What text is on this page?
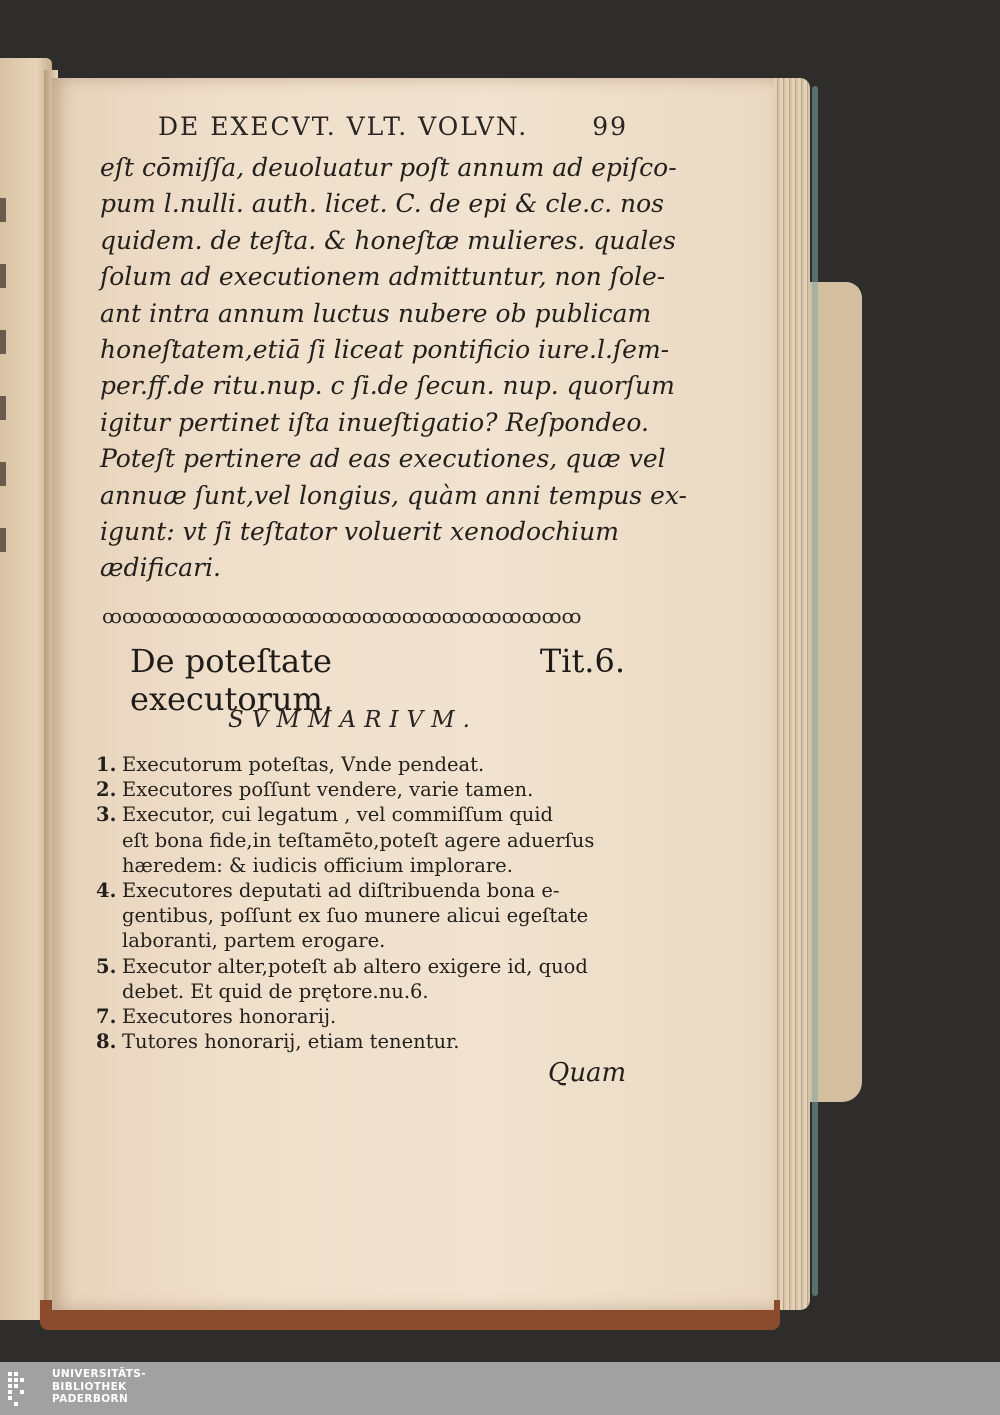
DE EXECVT. VLT. VOLVN.	99
eſt cōmiſſa, deuoluatur poſt annum ad epiſco-
pum l.nulli. auth. licet. C. de epi & cle.c. nos
quidem. de teſta. & honeſtæ mulieres. quales
ſolum ad executionem admittuntur, non ſole-
ant intra annum luctus nubere ob publicam
honeſtatem,etiā ſi liceat pontificio iure.l.ſem-
per.ff.de ritu.nup. c ſi.de ſecun. nup. quorſum
igitur pertinet iſta inueſtigatio? Reſpondeo.
Poteſt pertinere ad eas executiones, quæ vel
annuæ ſunt,vel longius, quàm anni tempus ex-
igunt: vt ſi teſtator voluerit xenodochium
ædificari.
ꝏꝏꝏꝏꝏꝏꝏꝏꝏꝏꝏꝏꝏꝏꝏꝏꝏꝏꝏꝏꝏꝏꝏꝏ
De poteſtate executorum,
Tit.6.
SVMMARIVM.
1. Executorum poteſtas, Vnde pendeat.
2. Executores poſſunt vendere, varie tamen.
3. Executor, cui legatum , vel commiſſum quid
eſt bona fide,in teſtamēto,poteſt agere aduerſus
hæredem: & iudicis officium implorare.
4. Executores deputati ad diſtribuenda bona e-
gentibus, poſſunt ex ſuo munere alicui egeſtate
laboranti, partem erogare.
5. Executor alter,poteſt ab altero exigere id, quod
debet. Et quid de prętore.nu.6.
7. Executores honorarij.
8. Tutores honorarij, etiam tenentur.
Quam
UNIVERSITÄTS-
BIBLIOTHEK
PADERBORN
